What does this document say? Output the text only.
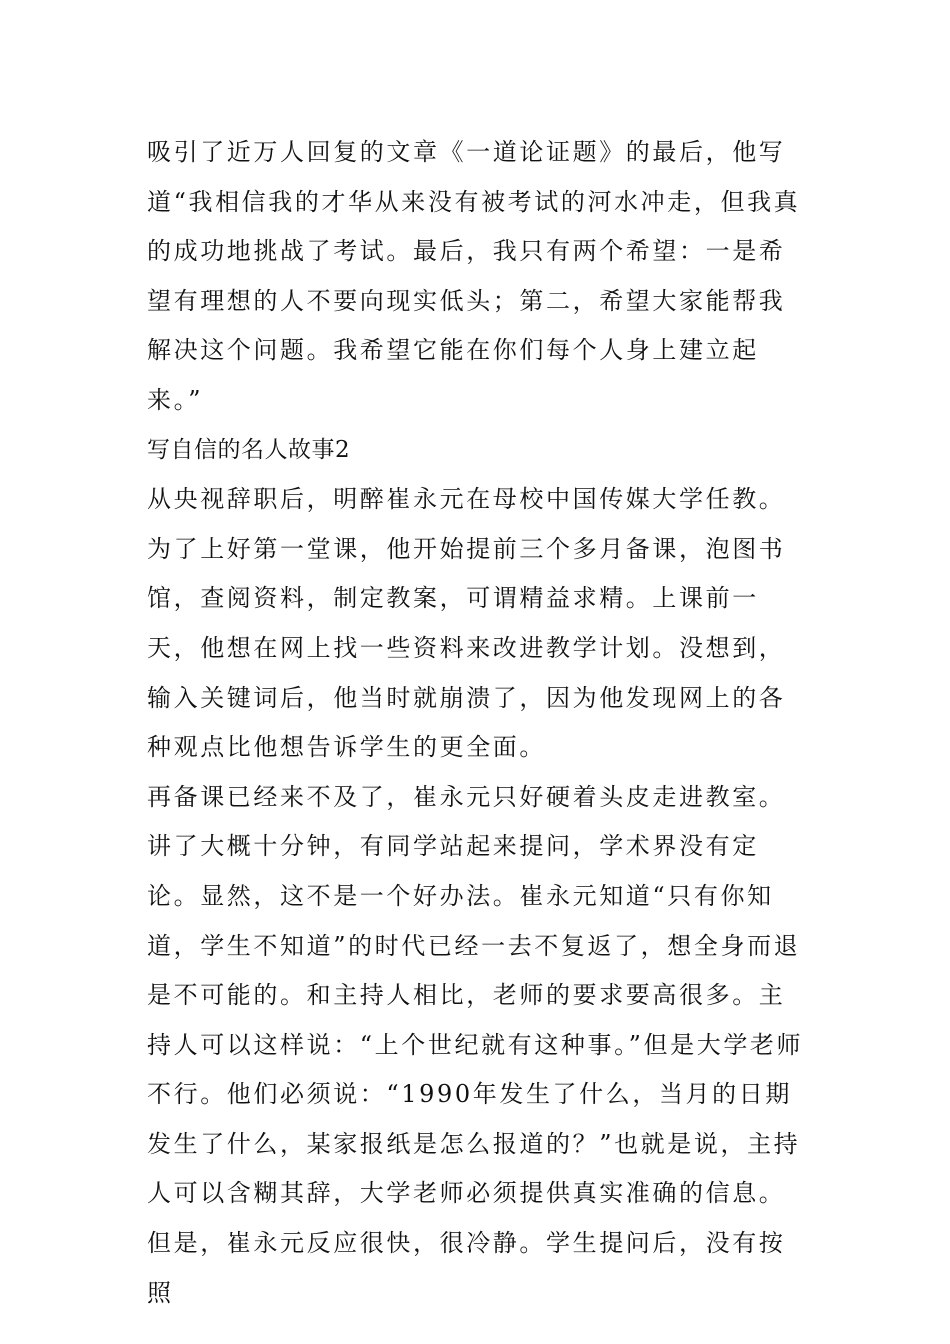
吸引了近万人回复的文章《一道论证题》的最后，他写道“我相信我的才华从来没有被考试的河水冲走，但我真的成功地挑战了考试。最后，我只有两个希望：一是希望有理想的人不要向现实低头；第二，希望大家能帮我解决这个问题。我希望它能在你们每个人身上建立起来。”

写自信的名人故事2

从央视辞职后，明醉崔永元在母校中国传媒大学任教。为了上好第一堂课，他开始提前三个多月备课，泡图书馆，查阅资料，制定教案，可谓精益求精。上课前一天，他想在网上找一些资料来改进教学计划。没想到，输入关键词后，他当时就崩溃了，因为他发现网上的各种观点比他想告诉学生的更全面。

再备课已经来不及了，崔永元只好硬着头皮走进教室。讲了大概十分钟，有同学站起来提问，学术界没有定论。显然，这不是一个好办法。崔永元知道“只有你知道，学生不知道”的时代已经一去不复返了，想全身而退是不可能的。和主持人相比，老师的要求要高很多。主持人可以这样说：“上个世纪就有这种事。”但是大学老师不行。他们必须说：“1990年发生了什么，当月的日期发生了什么，某家报纸是怎么报道的？”也就是说，主持人可以含糊其辞，大学老师必须提供真实准确的信息。

但是，崔永元反应很快，很冷静。学生提问后，没有按照
